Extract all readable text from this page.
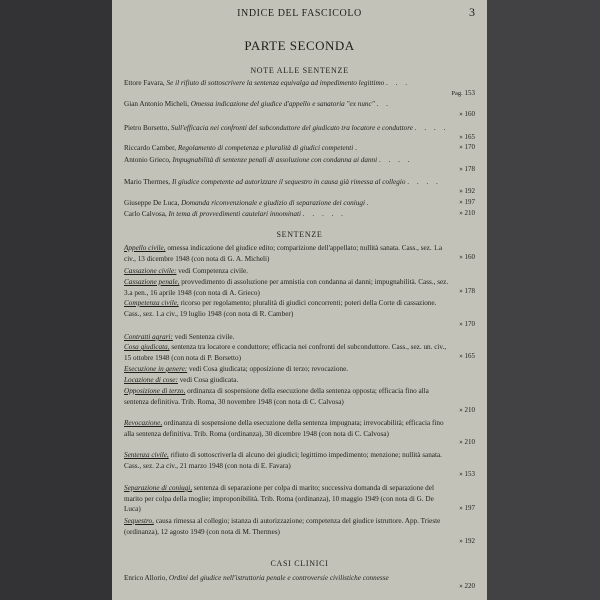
INDICE DEL FASCICOLO	3
PARTE SECONDA
NOTE ALLE SENTENZE
Ettore Favara, Se il rifiuto di sottoscrivere la sentenza equivalga ad impedimento legittimo . . .
Pag. 153
Gian Antonio Micheli, Omessa indicazione del giudice d'appello e sanatoria "ex nunc" . .
» 160
Pietro Borsetto, Sull'efficacia nei confronti del subconduttore del giudicato tra locatore e conduttore . . . .
» 165
Riccardo Camber, Regolamento di competenza e pluralità di giudici competenti .	» 170
Antonio Grieco, Impugnabilità di sentenze penali di assoluzione con condanna ai danni . . . .
» 178
Mario Thermes, Il giudice competente ad autorizzare il sequestro in causa già rimessa al collegio . . . .
» 192
Giuseppe De Luca, Domanda riconvenzionale e giudizio di separazione dei coniugi .	» 197
Carlo Calvosa, In tema di provvedimenti cautelari innominati . . . . .	» 210
SENTENZE
Appello civile, omessa indicazione del giudice edito; comparizione dell'appellato; nullità sanata. Cass., sez. 1.a civ., 13 dicembre 1948 (con nota di G. A. Micheli)	» 160
Cassazione civile: vedi Competenza civile.
Cassazione penale, provvedimento di assoluzione per amnistia con condanna ai danni; impugnabilità. Cass., sez. 3.a pen., 16 aprile 1948 (con nota di A. Grieco)	» 178
Competenza civile, ricorso per regolamento; pluralità di giudici concorrenti; poteri della Corte di cassazione. Cass., sez. 1.a civ., 19 luglio 1948 (con nota di R. Camber)
» 170
Contratti agrari: vedi Sentenza civile.
Cosa giudicata, sentenza tra locatore e conduttore; efficacia nei confronti del subconduttore. Cass., sez. un. civ., 15 ottobre 1948 (con nota di P. Borsetto)	» 165
Esecuzione in genere: vedi Cosa giudicata; opposizione di terzo; revocazione.
Locazione di cose: vedi Cosa giudicata.
Opposizione di terzo, ordinanza di sospensione della esecuzione della sentenza opposta; efficacia fino alla sentenza definitiva. Trib. Roma, 30 novembre 1948 (con nota di C. Calvosa)
» 210
Revocazione, ordinanza di sospensione della esecuzione della sentenza impugnata; irrevocabilità; efficacia fino alla sentenza definitiva. Trib. Roma (ordinanza), 30 dicembre 1948 (con nota di C. Calvosa)
» 210
Sentenza civile, rifiuto di sottoscriverla di alcuno dei giudici; legittimo impedimento; menzione; nullità sanata. Cass., sez. 2.a civ., 21 marzo 1948 (con nota di E. Favara)
» 153
Separazione di coniugi, sentenza di separazione per colpa di marito; successiva domanda di separazione del marito per colpa della moglie; improponibilità. Trib. Roma (ordinanza), 10 maggio 1949 (con nota di G. De Luca)	» 197
Sequestro, causa rimessa al collegio; istanza di autorizzazione; competenza del giudice istruttore. App. Trieste (ordinanza), 12 agosto 1949 (con nota di M. Thermes)
» 192
CASI CLINICI
Enrico Allorio, Ordini del giudice nell'istruttoria penale e controversie civilistiche connesse
» 220
